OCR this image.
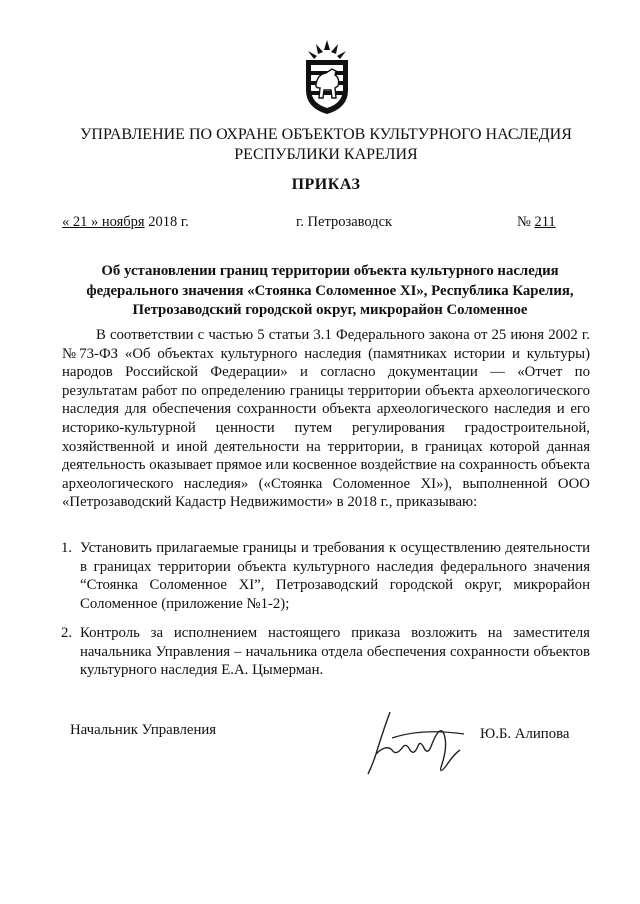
УПРАВЛЕНИЕ ПО ОХРАНЕ ОБЪЕКТОВ КУЛЬТУРНОГО НАСЛЕДИЯ
РЕСПУБЛИКИ КАРЕЛИЯ
ПРИКАЗ
« 21 » ноября 2018 г.	г. Петрозаводск	№ 211
Об установлении границ территории объекта культурного наследия
федерального значения «Стоянка Соломенное XI», Республика Карелия,
Петрозаводский городской округ, микрорайон Соломенное
В соответствии с частью 5 статьи 3.1 Федерального закона от 25 июня 2002 г. №73-ФЗ «Об объектах культурного наследия (памятниках истории и культуры) народов Российской Федерации» и согласно документации — «Отчет по результатам работ по определению границы территории объекта археологического наследия для обеспечения сохранности объекта археологического наследия и его историко-культурной ценности путем регулирования градостроительной, хозяйственной и иной деятельности на территории, в границах которой данная деятельность оказывает прямое или косвенное воздействие на сохранность объекта археологического наследия» («Стоянка Соломенное XI»), выполненной ООО «Петрозаводский Кадастр Недвижимости» в 2018 г., приказываю:
1. Установить прилагаемые границы и требования к осуществлению деятельности в границах территории объекта культурного наследия федерального значения “Стоянка Соломенное XI”, Петрозаводский городской округ, микрорайон Соломенное (приложение №1-2);
2. Контроль за исполнением настоящего приказа возложить на заместителя начальника Управления – начальника отдела обеспечения сохранности объектов культурного наследия Е.А. Цымерман.
Начальник Управления	Ю.Б. Алипова
